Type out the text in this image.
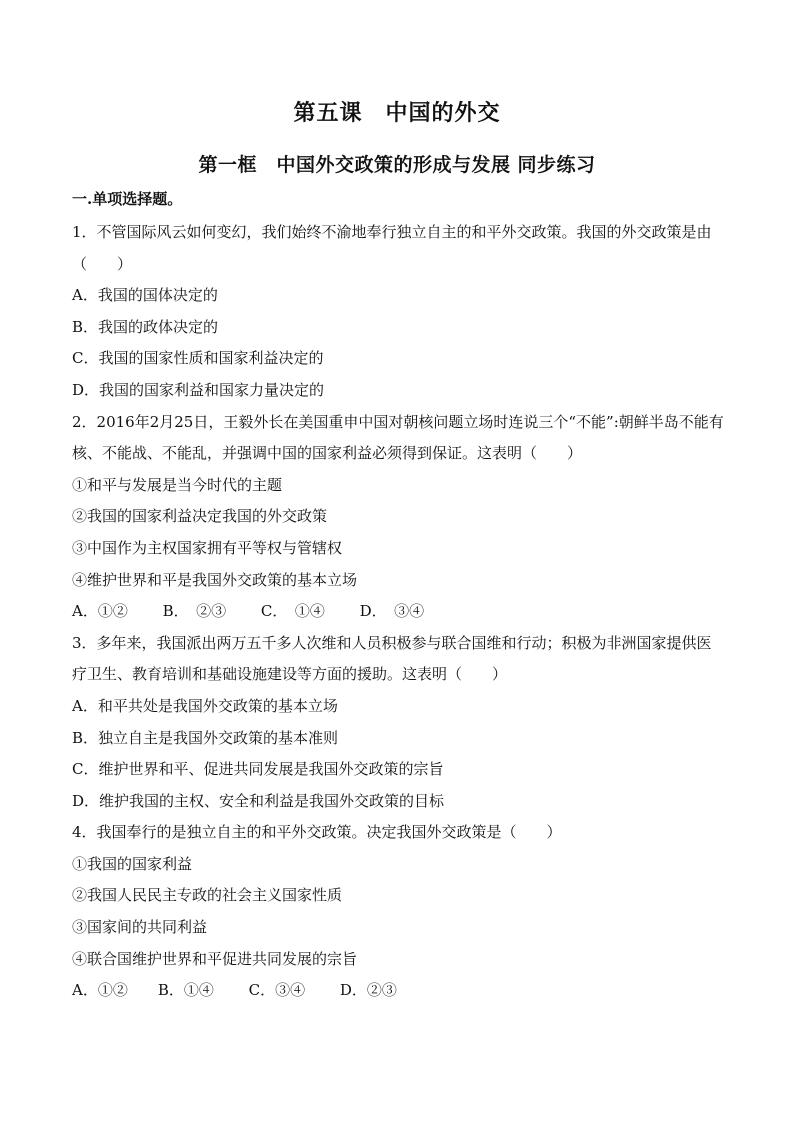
第五课　中国的外交
第一框　中国外交政策的形成与发展 同步练习
一.单项选择题。
1．不管国际风云如何变幻，我们始终不渝地奉行独立自主的和平外交政策。我国的外交政策是由（　　）
A．我国的国体决定的
B．我国的政体决定的
C．我国的国家性质和国家利益决定的
D．我国的国家利益和国家力量决定的
2．2016年2月25日，王毅外长在美国重申中国对朝核问题立场时连说三个“不能”:朝鲜半岛不能有核、不能战、不能乱，并强调中国的国家利益必须得到保证。这表明（　　）
①和平与发展是当今时代的主题
②我国的国家利益决定我国的外交政策
③中国作为主权国家拥有平等权与管辖权
④维护世界和平是我国外交政策的基本立场
A．①②　　 B．　②③　　 C．　①④　　 D．　③④
3．多年来，我国派出两万五千多人次维和人员积极参与联合国维和行动；积极为非洲国家提供医疗卫生、教育培训和基础设施建设等方面的援助。这表明（　　）
A．和平共处是我国外交政策的基本立场
B．独立自主是我国外交政策的基本准则
C．维护世界和平、促进共同发展是我国外交政策的宗旨
D．维护我国的主权、安全和利益是我国外交政策的目标
4．我国奉行的是独立自主的和平外交政策。决定我国外交政策是（　　）
①我国的国家利益
②我国人民民主专政的社会主义国家性质
③国家间的共同利益
④联合国维护世界和平促进共同发展的宗旨
A．①②　　B．①④　　 C．③④　　 D．②③
